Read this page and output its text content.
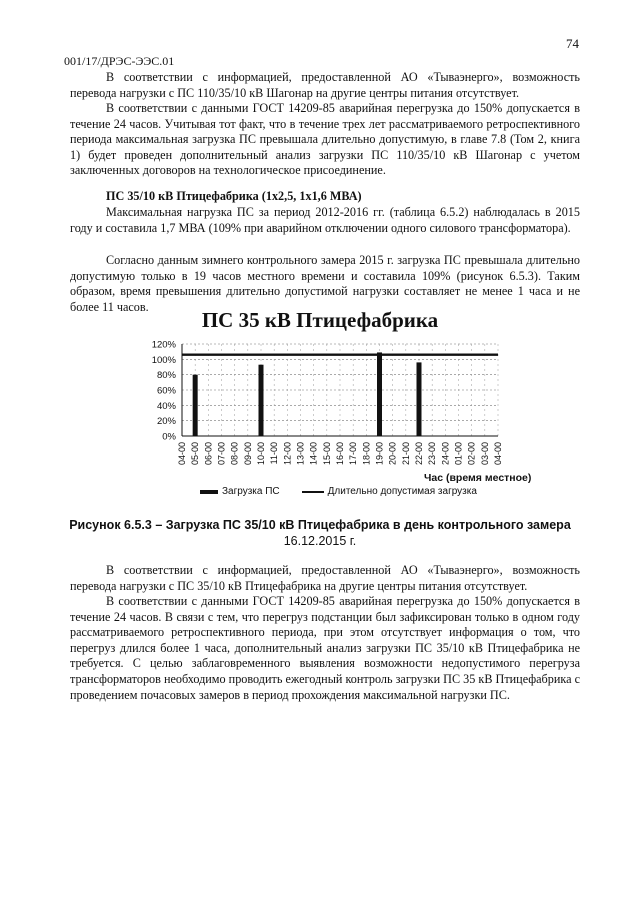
74
001/17/ДРЭС-ЭЭС.01

В соответствии с информацией, предоставленной АО «Тываэнерго», возможность перевода нагрузки с ПС 110/35/10 кВ Шагонар на другие центры питания отсутствует.

В соответствии с данными ГОСТ 14209-85 аварийная перегрузка до 150% допускается в течение 24 часов. Учитывая тот факт, что в течение трех лет рассматриваемого ретроспективного периода максимальная загрузка ПС превышала длительно допустимую, в главе 7.8 (Том 2, книга 1) будет проведен дополнительный анализ загрузки ПС 110/35/10 кВ Шагонар с учетом заключенных договоров на технологическое присоединение.

ПС 35/10 кВ Птицефабрика (1х2,5, 1х1,6 МВА)

Максимальная нагрузка ПС за период 2012-2016 гг. (таблица 6.5.2) наблюдалась в 2015 году и составила 1,7 МВА (109% при аварийном отключении одного силового трансформатора).

Согласно данным зимнего контрольного замера 2015 г. загрузка ПС превышала длительно допустимую только в 19 часов местного времени и составила 109% (рисунок 6.5.3). Таким образом, время превышения длительно допустимой нагрузки составляет не менее 1 часа и не более 11 часов.

ПС 35 кВ Птицефабрика
0%
20%
40%
60%
80%
100%
120%
04-00 05-00 06-00 07-00 08-00 09-00 10-00 11-00 12-00 13-00 14-00 15-00 16-00 17-00 18-00 19-00 20-00 21-00 22-00 23-00 24-00 01-00 02-00 03-00 04-00
Час (время местное)
Загрузка ПС	Длительно допустимая загрузка
Рисунок 6.5.3 – Загрузка ПС 35/10 кВ Птицефабрика в день контрольного замера
16.12.2015 г.

В соответствии с информацией, предоставленной АО «Тываэнерго», возможность перевода нагрузки с ПС 35/10 кВ Птицефабрика на другие центры питания отсутствует.

В соответствии с данными ГОСТ 14209-85 аварийная перегрузка до 150% допускается в течение 24 часов. В связи с тем, что перегруз подстанции был зафиксирован только в одном году рассматриваемого ретроспективного периода, при этом отсутствует информация о том, что перегруз длился более 1 часа, дополнительный анализ загрузки ПС 35/10 кВ Птицефабрика не требуется. С целью заблаговременного выявления возможности недопустимого перегруза трансформаторов необходимо проводить ежегодный контроль загрузки ПС 35 кВ Птицефабрика с проведением почасовых замеров в период прохождения максимальной нагрузки ПС.
